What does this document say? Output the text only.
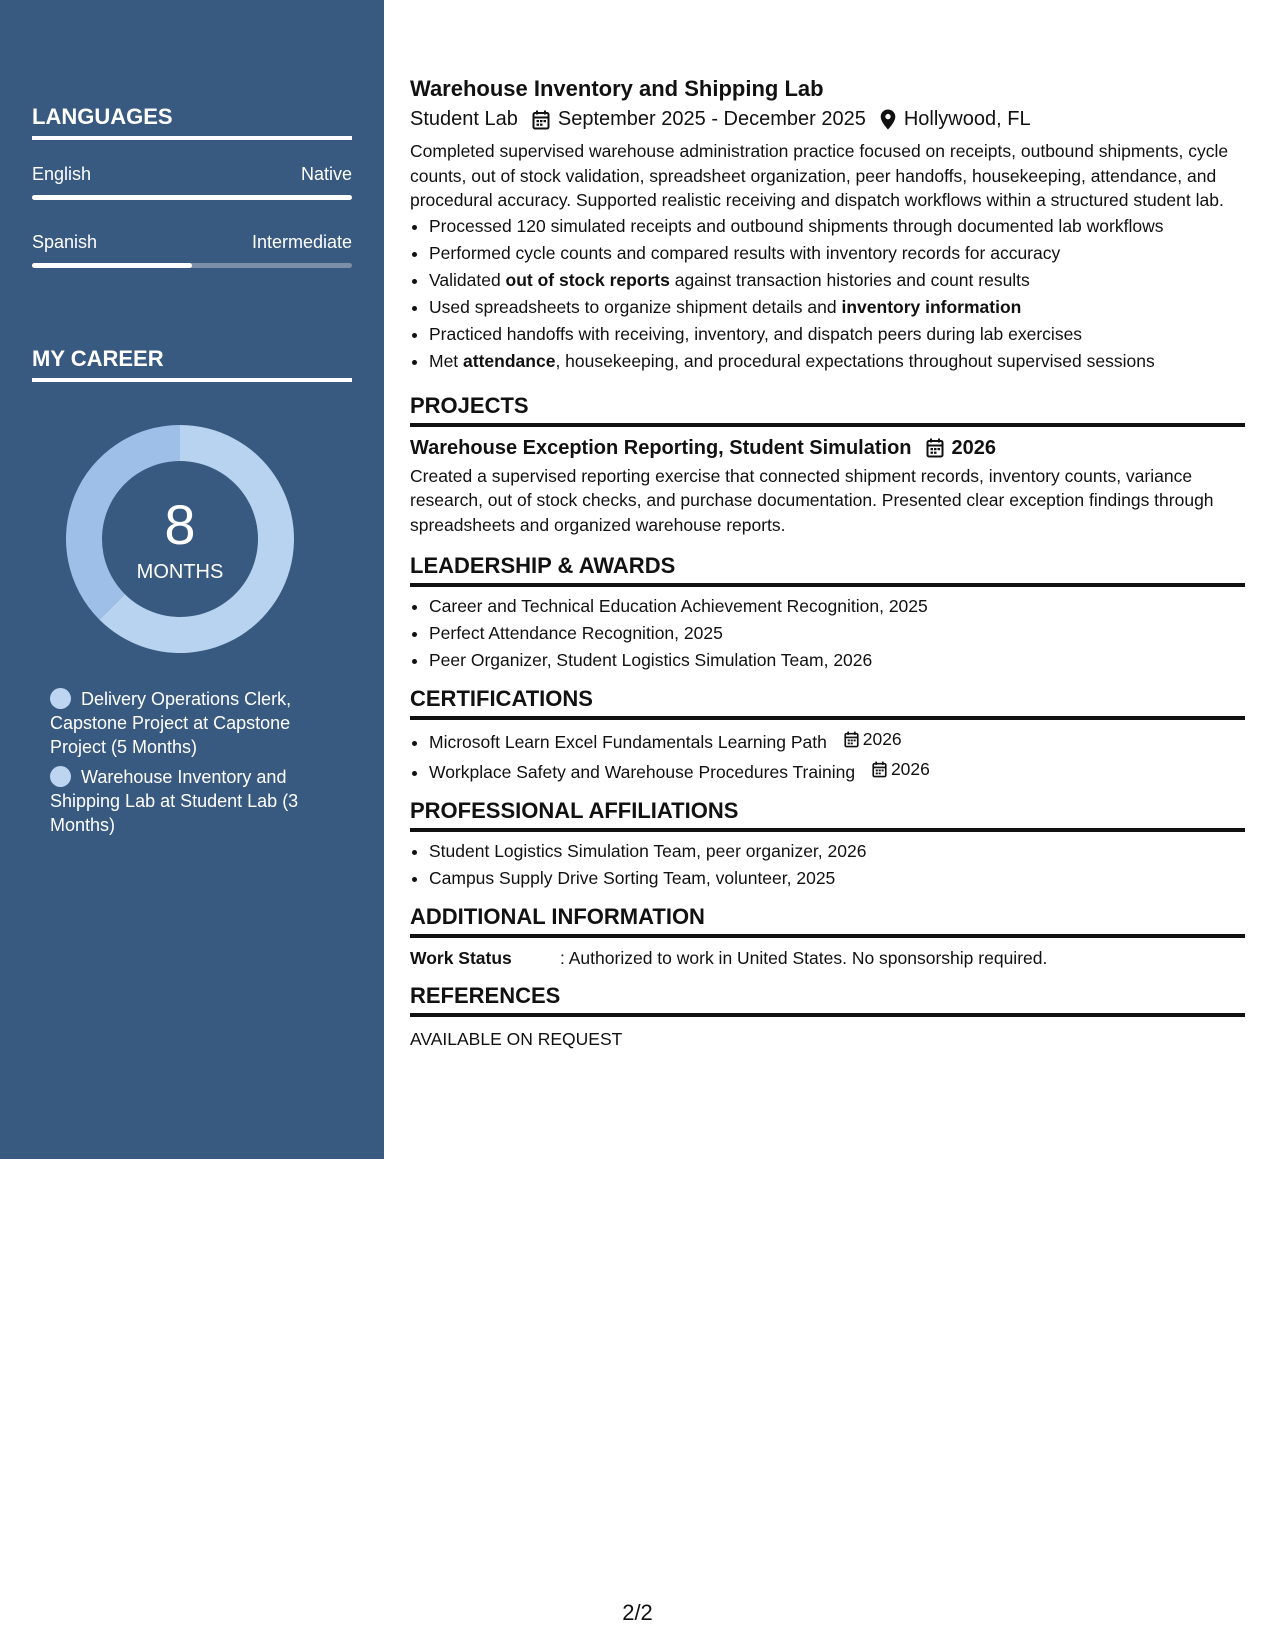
LANGUAGES
English	Native
Spanish	Intermediate
MY CAREER
8
MONTHS
Delivery Operations Clerk, Capstone Project at Capstone Project (5 Months)
Warehouse Inventory and Shipping Lab at Student Lab (3 Months)
Warehouse Inventory and Shipping Lab
Student Lab September 2025 - December 2025 Hollywood, FL
Completed supervised warehouse administration practice focused on receipts, outbound shipments, cycle counts, out of stock validation, spreadsheet organization, peer handoffs, housekeeping, attendance, and procedural accuracy. Supported realistic receiving and dispatch workflows within a structured student lab.
• Processed 120 simulated receipts and outbound shipments through documented lab workflows
• Performed cycle counts and compared results with inventory records for accuracy
• Validated out of stock reports against transaction histories and count results
• Used spreadsheets to organize shipment details and inventory information
• Practiced handoffs with receiving, inventory, and dispatch peers during lab exercises
• Met attendance, housekeeping, and procedural expectations throughout supervised sessions
PROJECTS
Warehouse Exception Reporting, Student Simulation 2026
Created a supervised reporting exercise that connected shipment records, inventory counts, variance research, out of stock checks, and purchase documentation. Presented clear exception findings through spreadsheets and organized warehouse reports.
LEADERSHIP & AWARDS
• Career and Technical Education Achievement Recognition, 2025
• Perfect Attendance Recognition, 2025
• Peer Organizer, Student Logistics Simulation Team, 2026
CERTIFICATIONS
• Microsoft Learn Excel Fundamentals Learning Path 2026
• Workplace Safety and Warehouse Procedures Training 2026
PROFESSIONAL AFFILIATIONS
• Student Logistics Simulation Team, peer organizer, 2026
• Campus Supply Drive Sorting Team, volunteer, 2025
ADDITIONAL INFORMATION
Work Status	: Authorized to work in United States. No sponsorship required.
REFERENCES
AVAILABLE ON REQUEST
2/2
